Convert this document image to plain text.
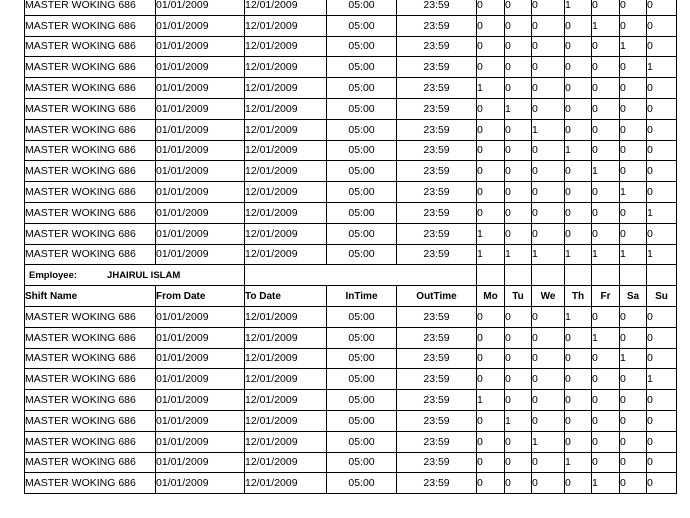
MASTER WOKING 686	01/01/2009	12/01/2009	05:00	23:59	0	0	0	1	0	0	0
MASTER WOKING 686	01/01/2009	12/01/2009	05:00	23:59	0	0	0	0	1	0	0
MASTER WOKING 686	01/01/2009	12/01/2009	05:00	23:59	0	0	0	0	0	1	0
MASTER WOKING 686	01/01/2009	12/01/2009	05:00	23:59	0	0	0	0	0	0	1
MASTER WOKING 686	01/01/2009	12/01/2009	05:00	23:59	1	0	0	0	0	0	0
MASTER WOKING 686	01/01/2009	12/01/2009	05:00	23:59	0	1	0	0	0	0	0
MASTER WOKING 686	01/01/2009	12/01/2009	05:00	23:59	0	0	1	0	0	0	0
MASTER WOKING 686	01/01/2009	12/01/2009	05:00	23:59	0	0	0	1	0	0	0
MASTER WOKING 686	01/01/2009	12/01/2009	05:00	23:59	0	0	0	0	1	0	0
MASTER WOKING 686	01/01/2009	12/01/2009	05:00	23:59	0	0	0	0	0	1	0
MASTER WOKING 686	01/01/2009	12/01/2009	05:00	23:59	0	0	0	0	0	0	1
MASTER WOKING 686	01/01/2009	12/01/2009	05:00	23:59	1	0	0	0	0	0	0
MASTER WOKING 686	01/01/2009	12/01/2009	05:00	23:59	1	1	1	1	1	1	1
Employee: JHAIRUL ISLAM											
Shift Name	From Date	To Date	InTime	OutTime	Mo	Tu	We	Th	Fr	Sa	Su
MASTER WOKING 686	01/01/2009	12/01/2009	05:00	23:59	0	0	0	1	0	0	0
MASTER WOKING 686	01/01/2009	12/01/2009	05:00	23:59	0	0	0	0	1	0	0
MASTER WOKING 686	01/01/2009	12/01/2009	05:00	23:59	0	0	0	0	0	1	0
MASTER WOKING 686	01/01/2009	12/01/2009	05:00	23:59	0	0	0	0	0	0	1
MASTER WOKING 686	01/01/2009	12/01/2009	05:00	23:59	1	0	0	0	0	0	0
MASTER WOKING 686	01/01/2009	12/01/2009	05:00	23:59	0	1	0	0	0	0	0
MASTER WOKING 686	01/01/2009	12/01/2009	05:00	23:59	0	0	1	0	0	0	0
MASTER WOKING 686	01/01/2009	12/01/2009	05:00	23:59	0	0	0	1	0	0	0
MASTER WOKING 686	01/01/2009	12/01/2009	05:00	23:59	0	0	0	0	1	0	0
